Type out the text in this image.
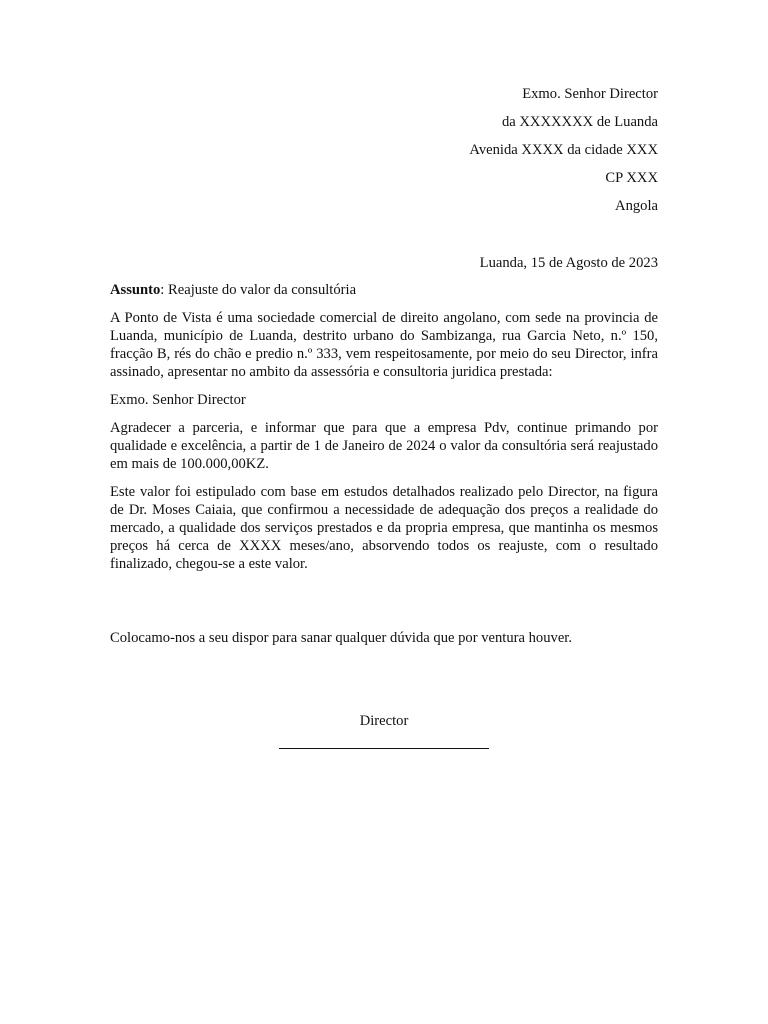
Exmo. Senhor Director
da XXXXXXX de Luanda
Avenida XXXX da cidade XXX
CP XXX
Angola
Luanda, 15 de Agosto de 2023

Assunto: Reajuste do valor da consultória

A Ponto de Vista é uma sociedade comercial de direito angolano, com sede na provincia de Luanda, município de Luanda, destrito urbano do Sambizanga, rua Garcia Neto, n.º 150, fracção B, rés do chão e predio n.º 333, vem respeitosamente, por meio do seu Director, infra assinado, apresentar no ambito da assessória e consultoria juridica prestada:

Exmo. Senhor Director

Agradecer a parceria, e informar que para que a empresa Pdv, continue primando por qualidade e excelência, a partir de 1 de Janeiro de 2024 o valor da consultória será reajustado em mais de 100.000,00KZ.

Este valor foi estipulado com base em estudos detalhados realizado pelo Director, na figura de Dr. Moses Caiaia, que confirmou a necessidade de adequação dos preços a realidade do mercado, a qualidade dos serviços prestados e da propria empresa, que mantinha os mesmos preços há cerca de XXXX meses/ano, absorvendo todos os reajuste, com o resultado finalizado, chegou-se a este valor.

Colocamo-nos a seu dispor para sanar qualquer dúvida que por ventura houver.
Director
